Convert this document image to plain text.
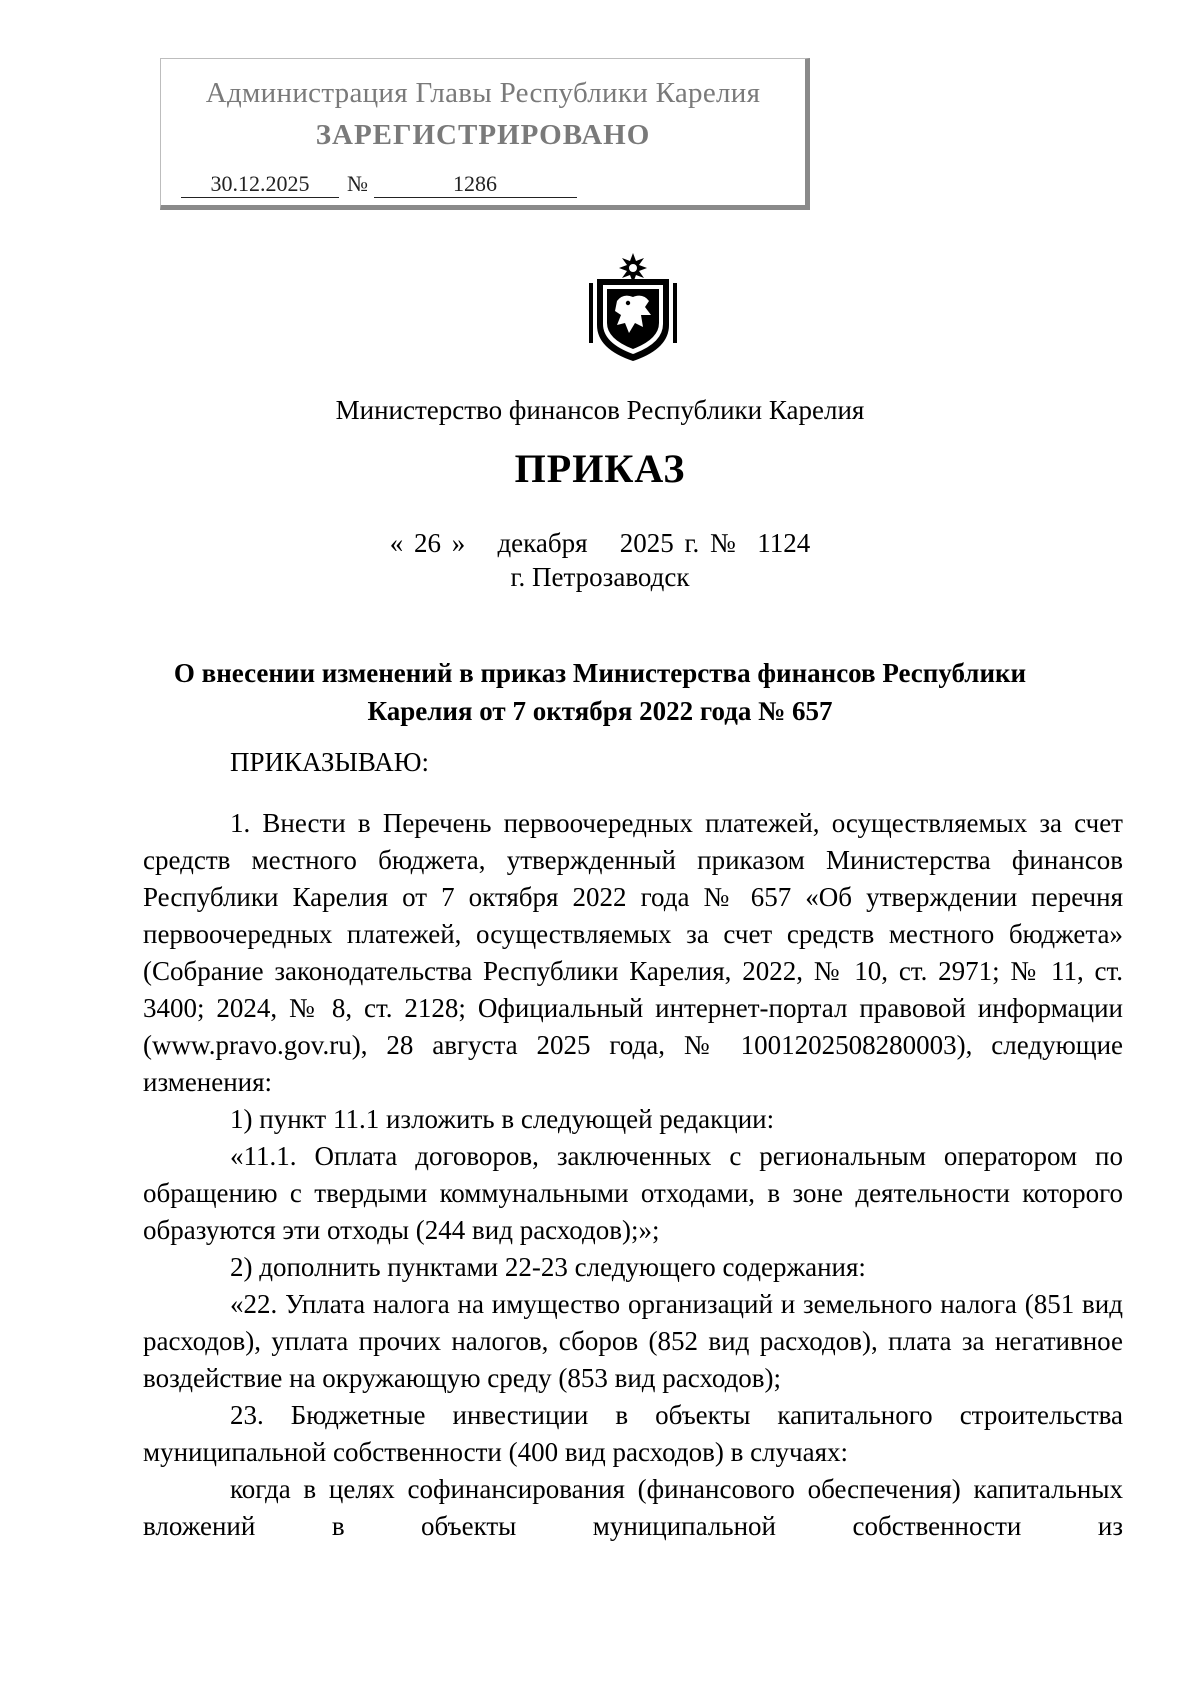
Администрация Главы Республики Карелия
ЗАРЕГИСТРИРОВАНО
30.12.2025	№	1286
Министерство финансов Республики Карелия
ПРИКАЗ
« 26 »   декабря   2025 г. №  1124
г. Петрозаводск
О внесении изменений в приказ Министерства финансов Республики
Карелия от 7 октября 2022 года № 657

ПРИКАЗЫВАЮ:

1. Внести в Перечень первоочередных платежей, осуществляемых за счет средств местного бюджета, утвержденный приказом Министерства финансов Республики Карелия от 7 октября 2022 года № 657 «Об утверждении перечня первоочередных платежей, осуществляемых за счет средств местного бюджета» (Собрание законодательства Республики Карелия, 2022, № 10, ст. 2971; № 11, ст. 3400; 2024, № 8, ст. 2128; Официальный интернет-портал правовой информации (www.pravo.gov.ru), 28 августа 2025 года, № 1001202508280003), следующие изменения:

1) пункт 11.1 изложить в следующей редакции:

«11.1. Оплата договоров, заключенных с региональным оператором по обращению с твердыми коммунальными отходами, в зоне деятельности которого образуются эти отходы (244 вид расходов);»;

2) дополнить пунктами 22-23 следующего содержания:

«22. Уплата налога на имущество организаций и земельного налога (851 вид расходов), уплата прочих налогов, сборов (852 вид расходов), плата за негативное воздействие на окружающую среду (853 вид расходов);

23. Бюджетные инвестиции в объекты капитального строительства муниципальной собственности (400 вид расходов) в случаях:

когда в целях софинансирования (финансового обеспечения) капитальных вложений в объекты муниципальной собственности из
